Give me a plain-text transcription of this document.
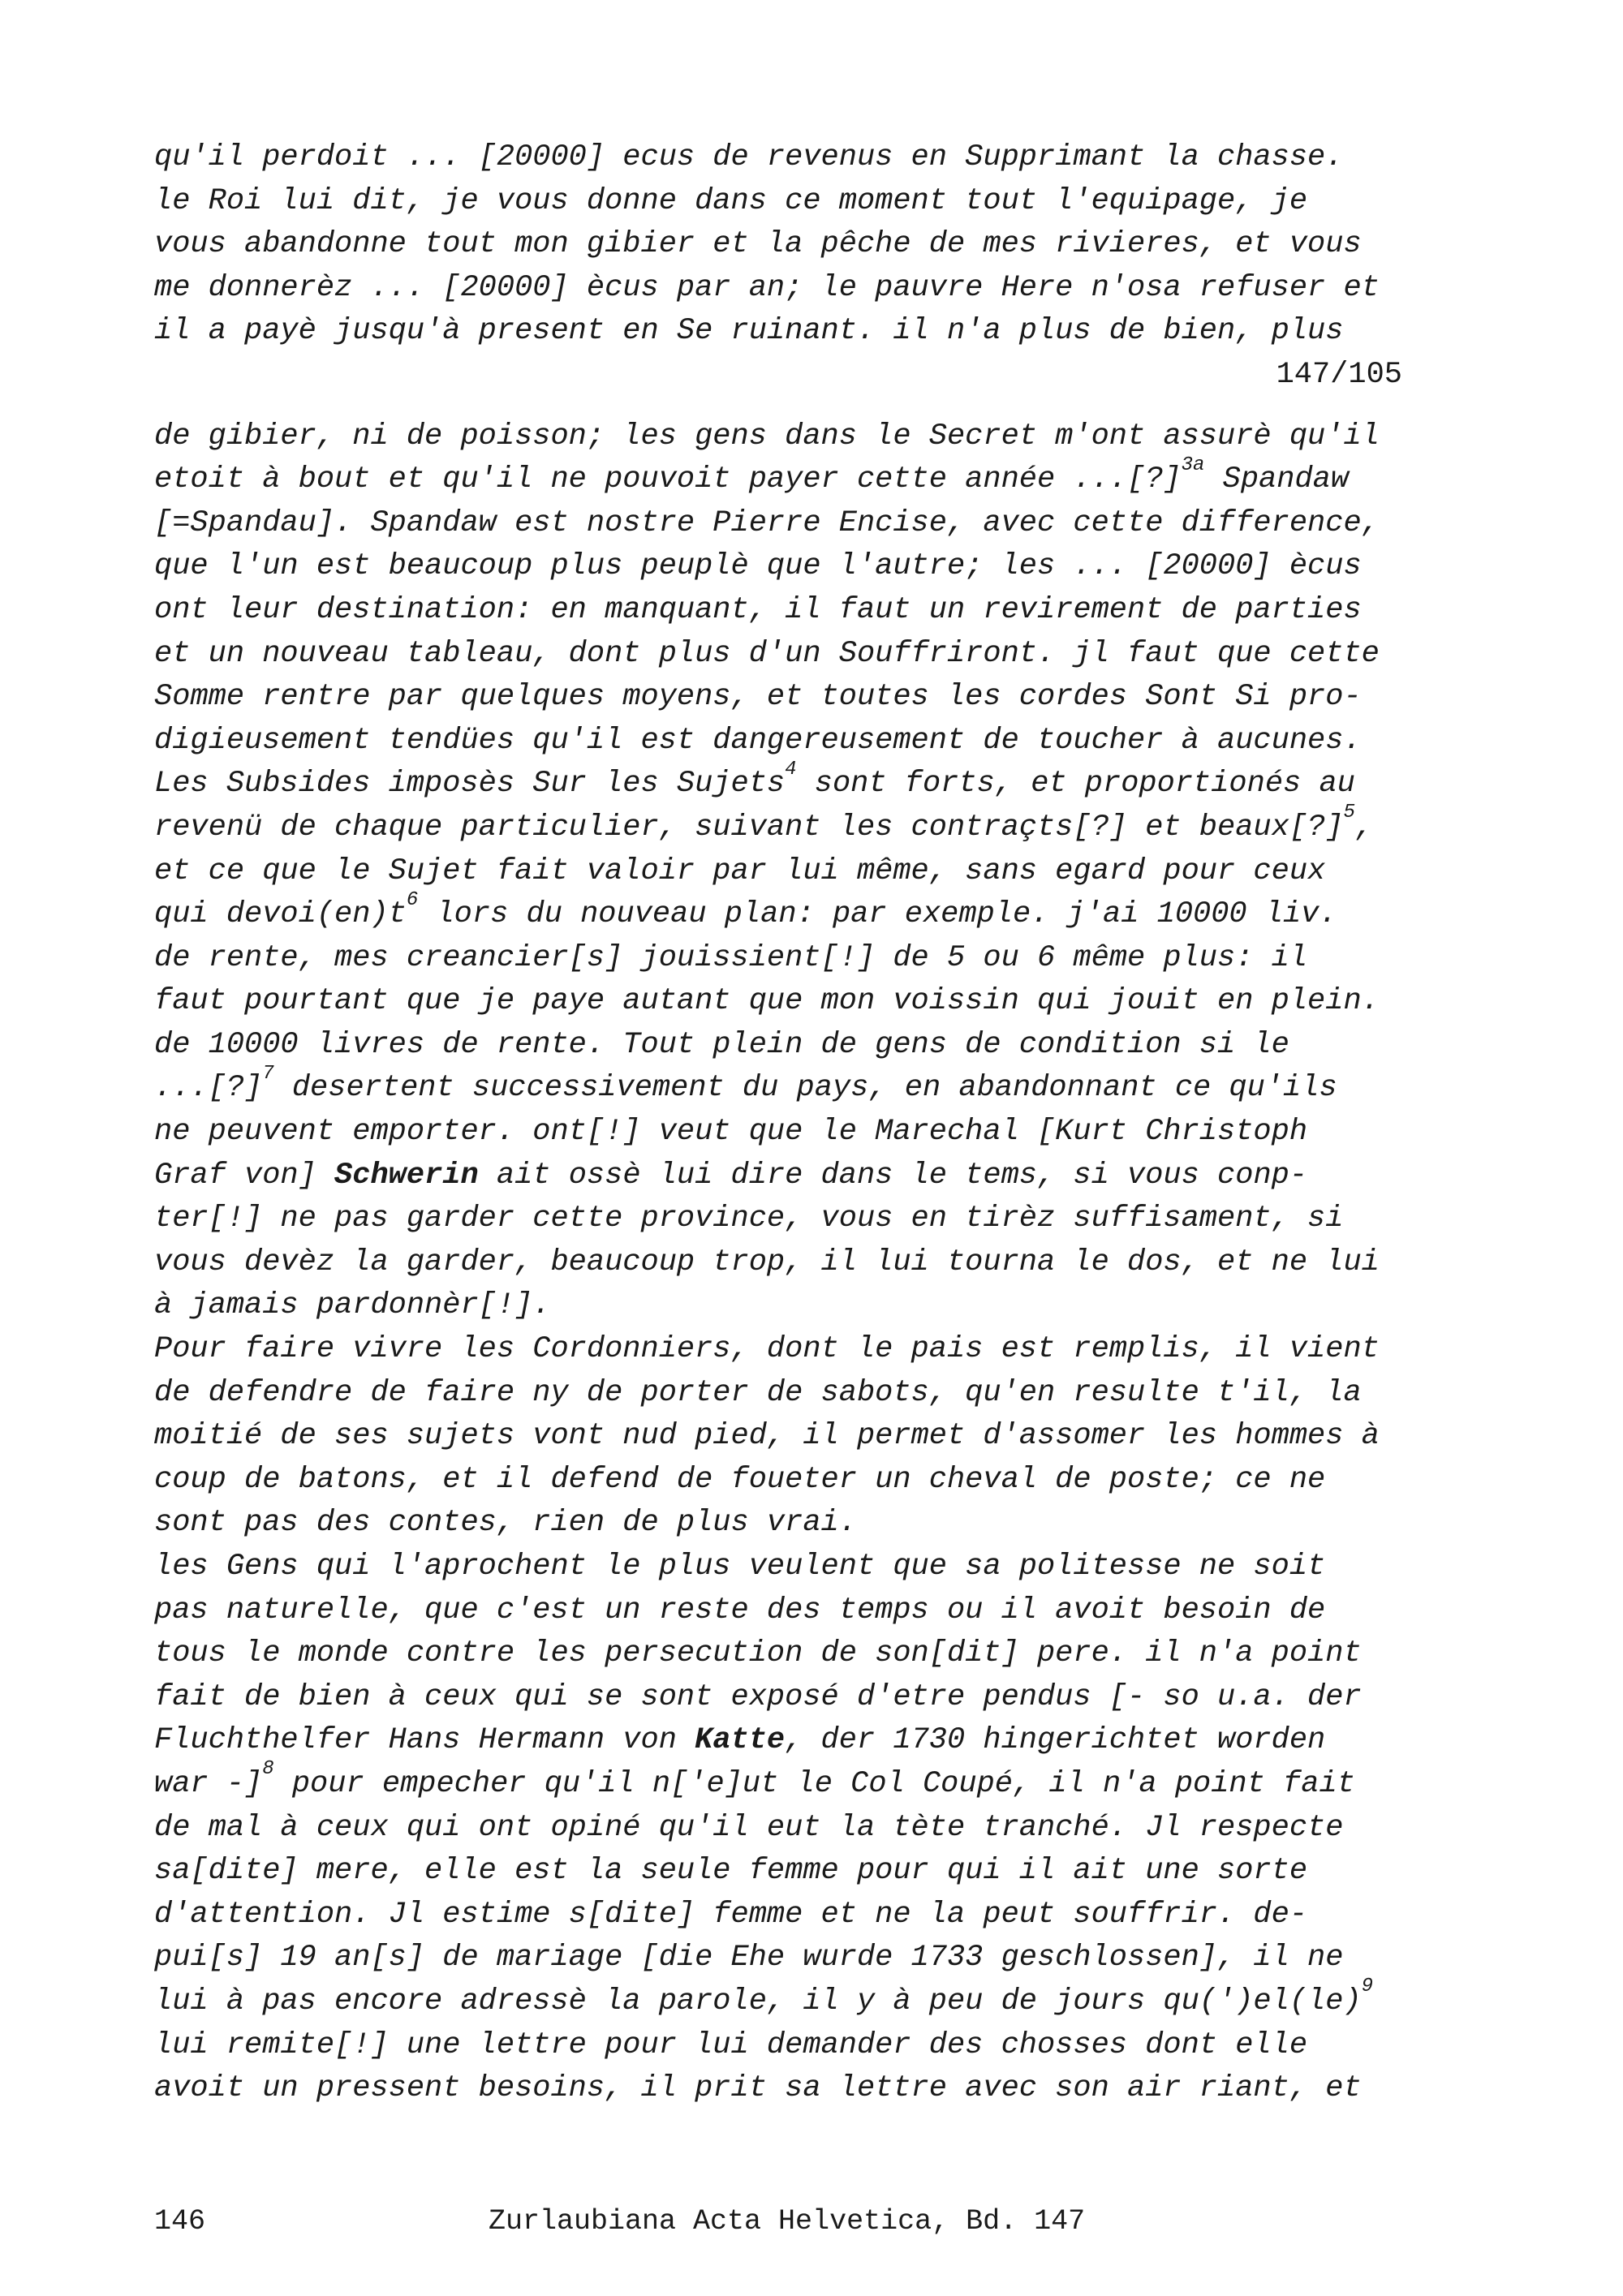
qu'il perdoit ... [20000] ecus de revenus en Supprimant la chasse.
le Roi lui dit, je vous donne dans ce moment tout l'equipage, je
vous abandonne tout mon gibier et la pêche de mes rivieres, et vous
me donnerèz ... [20000] ècus par an; le pauvre Here n'osa refuser et
il a payè jusqu'à present en Se ruinant. il n'a plus de bien, plus
147/105
de gibier, ni de poisson; les gens dans le Secret m'ont assurè qu'il
etoit à bout et qu'il ne pouvoit payer cette année ...[?]$^{3a}$ Spandaw
[=Spandau]. Spandaw est nostre Pierre Encise, avec cette difference,
que l'un est beaucoup plus peuplè que l'autre; les ... [20000] ècus
ont leur destination: en manquant, il faut un revirement de parties
et un nouveau tableau, dont plus d'un Souffriront. jl faut que cette
Somme rentre par quelques moyens, et toutes les cordes Sont Si pro-
digieusement tendües qu'il est dangereusement de toucher à aucunes.
Les Subsides imposès Sur les Sujets$^4$ sont forts, et proportionés au
revenü de chaque particulier, suivant les contraçts[?] et beaux[?]$^5$,
et ce que le Sujet fait valoir par lui même, sans egard pour ceux
qui $devoi(en)t^6$ lors du nouveau plan: par exemple. j'ai 10000 liv.
de rente, mes creancier[s] jouissient[!] de 5 ou 6 même plus: il
faut pourtant que je paye autant que mon voissin qui jouit en plein.
de 10000 livres de rente. Tout plein de gens de condition si le
...[?]$^7$ desertent successivement du pays, en abandonnant ce qu'ils
ne peuvent emporter. ont[!] veut que le Marechal [Kurt Christoph
Graf von] Schwerin ait ossè lui dire dans le tems, si vous conp-
ter[!] ne pas garder cette province, vous en tirèz suffisament, si
vous devèz la garder, beaucoup trop, il lui tourna le dos, et ne lui
à jamais pardonnèr[!].
Pour faire vivre les Cordonniers, dont le pais est remplis, il vient
de defendre de faire ny de porter de sabots, qu'en resulte t'il, la
moitié de ses sujets vont nud pied, il permet d'assomer les hommes à
coup de batons, et il defend de foueter un cheval de poste; ce ne
sont pas des contes, rien de plus vrai.
les Gens qui l'aprochent le plus veulent que sa politesse ne soit
pas naturelle, que c'est un reste des temps ou il avoit besoin de
tous le monde contre les persecution de son[dit] pere. il n'a point
fait de bien à ceux qui se sont exposé d'etre pendus [- so u.a. der
Fluchthelfer Hans Hermann von Katte, der 1730 hingerichtet worden
war -]$^8$ pour empecher qu'il n['e]ut le Col Coupé, il n'a point fait
de mal à ceux qui ont opiné qu'il eut la tète tranché. Jl respecte
sa[dite] mere, elle est la seule femme pour qui il ait une sorte
d'attention. Jl estime s[dite] femme et ne la peut souffrir. de-
pui[s] 19 an[s] de mariage [die Ehe wurde 1733 geschlossen], il ne
lui à pas encore adressè la parole, il y à peu de jours qu(')el(le)$^9$
lui remite[!] une lettre pour lui demander des chosses dont elle
avoit un pressent besoins, il prit sa lettre avec son air riant, et
146	Zurlaubiana Acta Helvetica, Bd. 147
